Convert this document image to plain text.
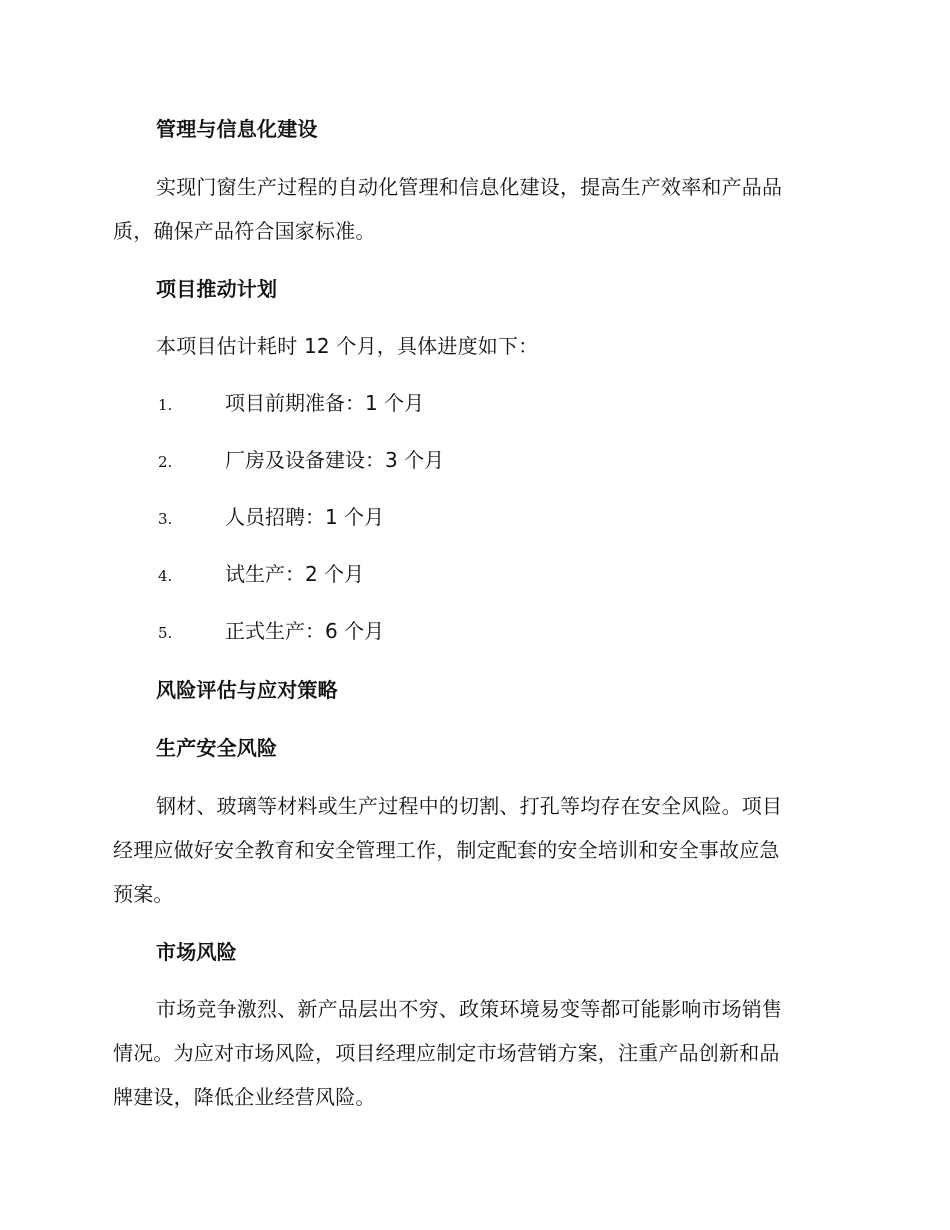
管理与信息化建设
实现门窗生产过程的自动化管理和信息化建设，提高生产效率和产品品
质，确保产品符合国家标准。
项目推动计划
本项目估计耗时 12 个月，具体进度如下：
1.	项目前期准备：1 个月
2.	厂房及设备建设：3 个月
3.	人员招聘：1 个月
4.	试生产：2 个月
5.	正式生产：6 个月
风险评估与应对策略
生产安全风险
钢材、玻璃等材料或生产过程中的切割、打孔等均存在安全风险。项目
经理应做好安全教育和安全管理工作，制定配套的安全培训和安全事故应急
预案。
市场风险
市场竞争激烈、新产品层出不穷、政策环境易变等都可能影响市场销售
情况。为应对市场风险，项目经理应制定市场营销方案，注重产品创新和品
牌建设，降低企业经营风险。
